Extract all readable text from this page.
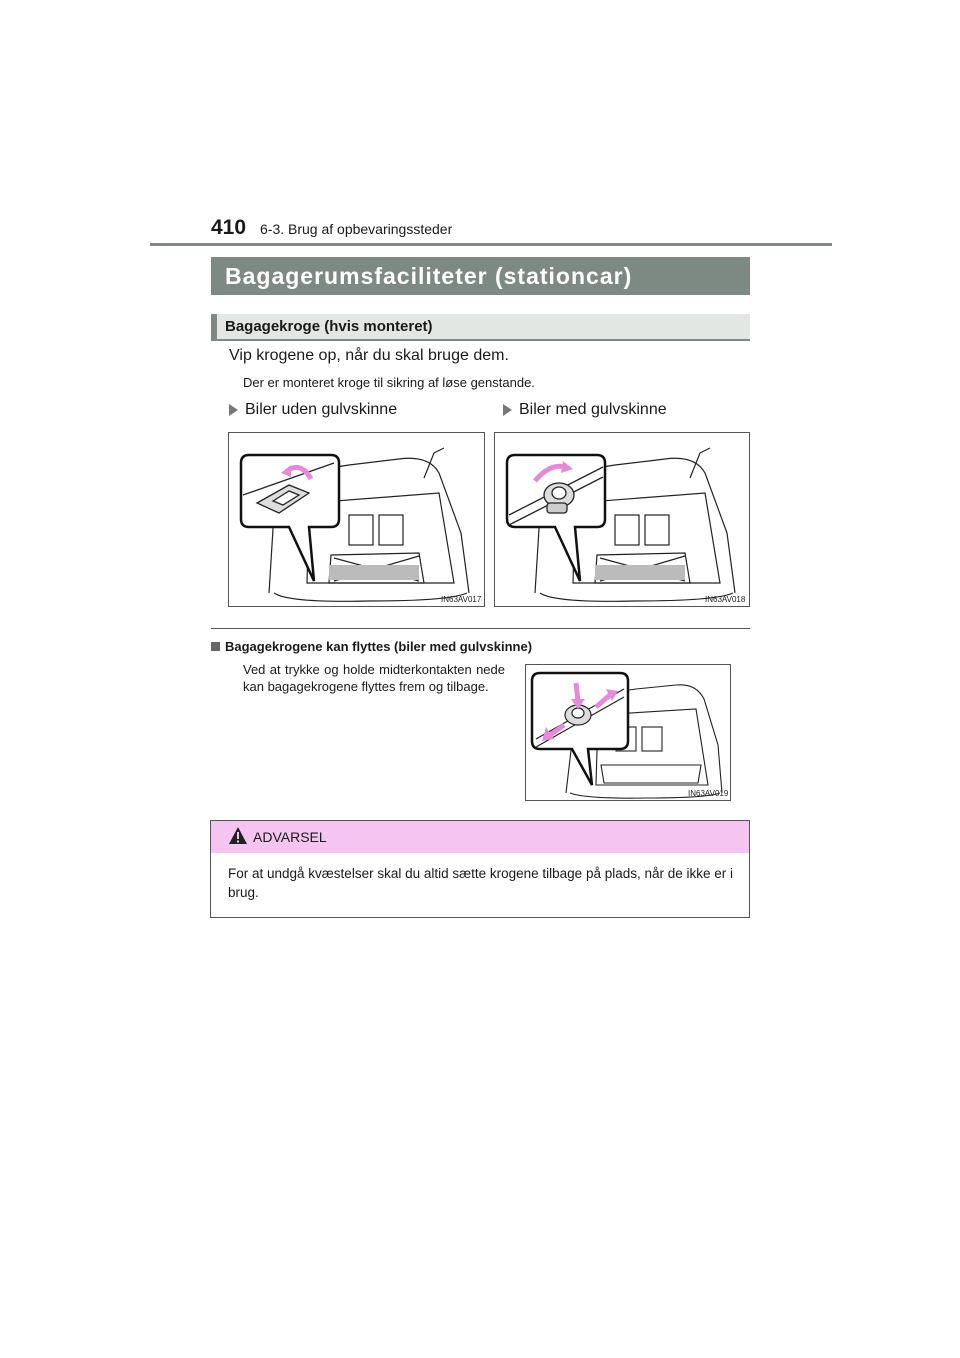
410 6-3. Brug af opbevaringssteder
Bagagerumsfaciliteter (stationcar)
Bagagekroge (hvis monteret)
Vip krogene op, når du skal bruge dem.
Der er monteret kroge til sikring af løse genstande.
Biler uden gulvskinne	Biler med gulvskinne
IN63AV017	IN63AV018
Bagagekrogene kan flyttes (biler med gulvskinne)
Ved at trykke og holde midterkontakten nede kan bagagekrogene flyttes frem og tilbage.
IN63AV019
ADVARSEL
For at undgå kvæstelser skal du altid sætte krogene tilbage på plads, når de ikke er i brug.
